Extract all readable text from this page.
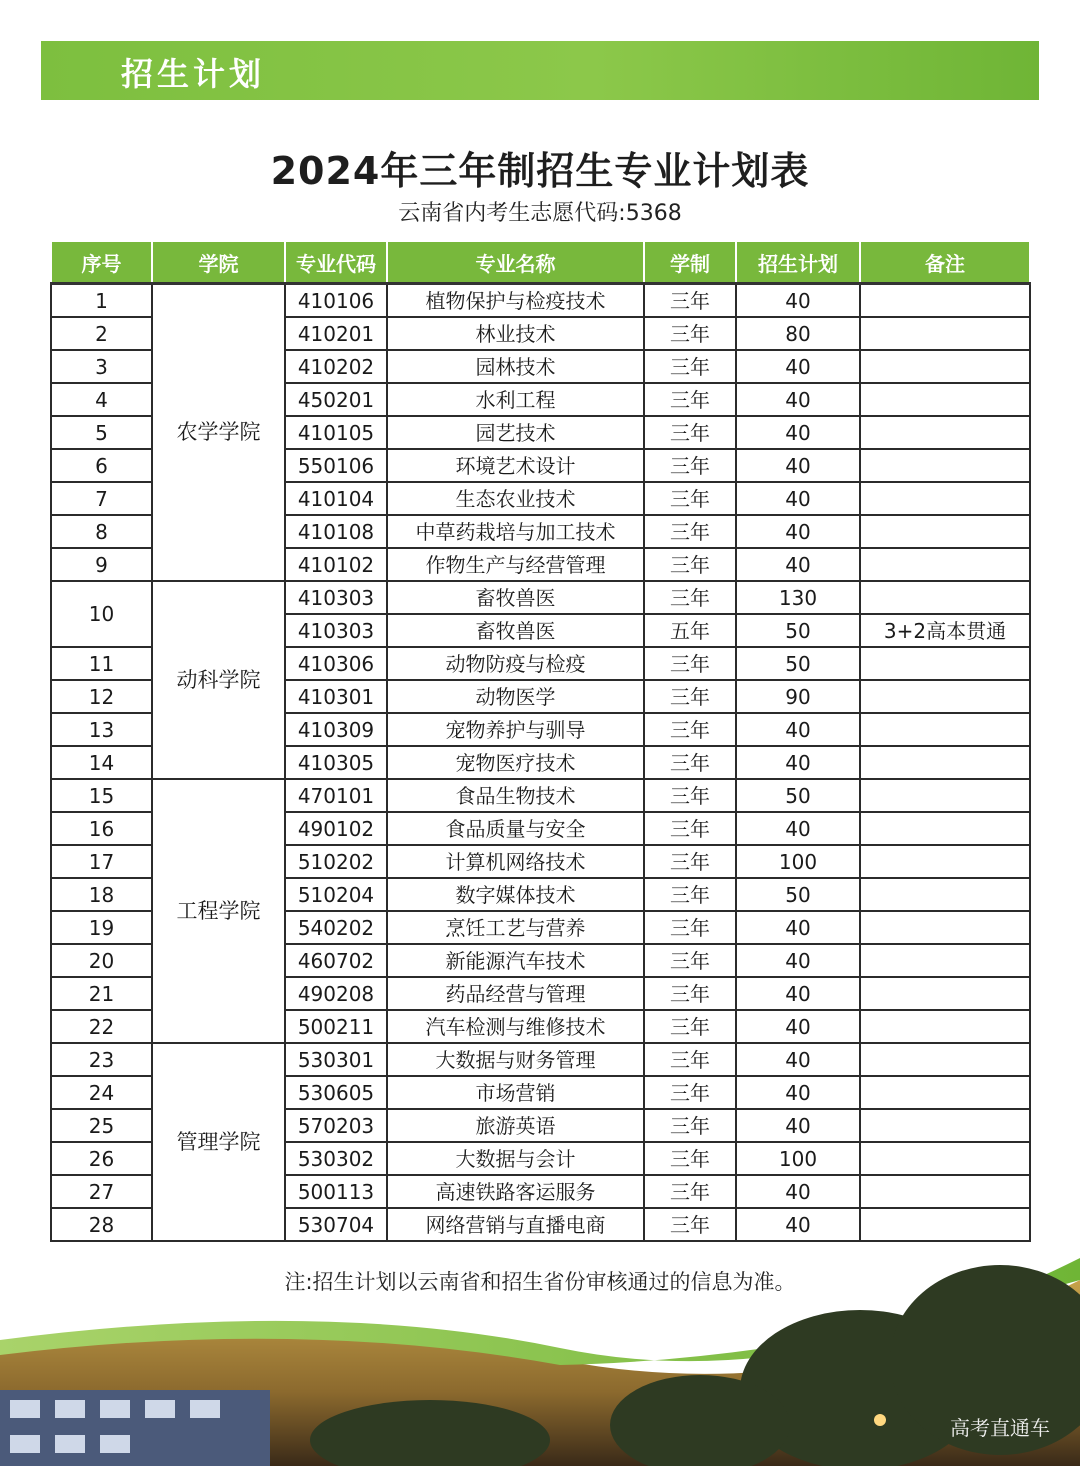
招生计划
2024年三年制招生专业计划表
云南省内考生志愿代码:5368
序号	学院	专业代码	专业名称	学制	招生计划	备注
1	农学学院	410106	植物保护与检疫技术	三年	40	
2		410201	林业技术	三年	80	
3		410202	园林技术	三年	40	
4		450201	水利工程	三年	40	
5		410105	园艺技术	三年	40	
6		550106	环境艺术设计	三年	40	
7		410104	生态农业技术	三年	40	
8		410108	中草药栽培与加工技术	三年	40	
9		410102	作物生产与经营管理	三年	40	
10	动科学院	410303	畜牧兽医	三年	130	
		410303	畜牧兽医	五年	50	3+2高本贯通
11		410306	动物防疫与检疫	三年	50	
12		410301	动物医学	三年	90	
13		410309	宠物养护与驯导	三年	40	
14		410305	宠物医疗技术	三年	40	
15	工程学院	470101	食品生物技术	三年	50	
16		490102	食品质量与安全	三年	40	
17		510202	计算机网络技术	三年	100	
18		510204	数字媒体技术	三年	50	
19		540202	烹饪工艺与营养	三年	40	
20		460702	新能源汽车技术	三年	40	
21		490208	药品经营与管理	三年	40	
22		500211	汽车检测与维修技术	三年	40	
23	管理学院	530301	大数据与财务管理	三年	40	
24		530605	市场营销	三年	40	
25		570203	旅游英语	三年	40	
26		530302	大数据与会计	三年	100	
27		500113	高速铁路客运服务	三年	40	
28		530704	网络营销与直播电商	三年	40	
注:招生计划以云南省和招生省份审核通过的信息为准。
高考直通车
